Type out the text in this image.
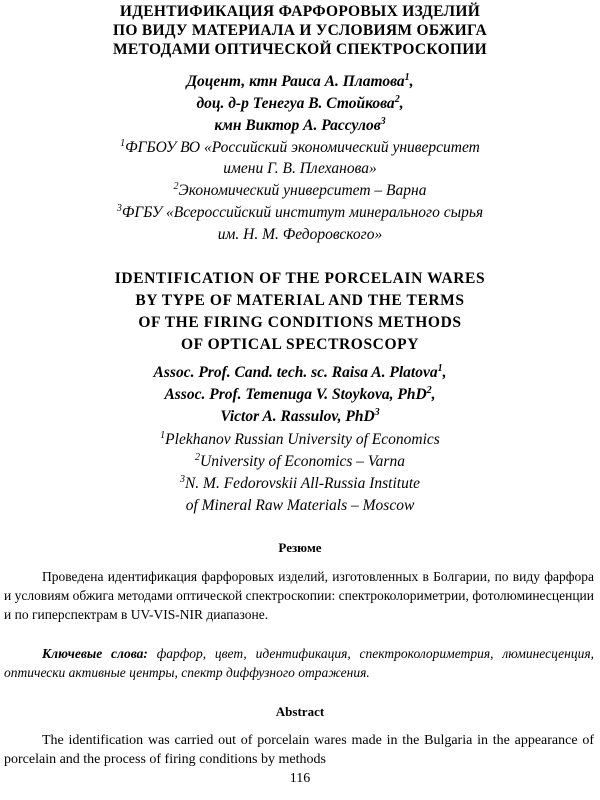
ИДЕНТИФИКАЦИЯ ФАРФОРОВЫХ ИЗДЕЛИЙ
ПО ВИДУ МАТЕРИАЛА И УСЛОВИЯМ ОБЖИГА
МЕТОДАМИ ОПТИЧЕСКОЙ СПЕКТРОСКОПИИ
Доцент, ктн Раиса А. Платова$^1$,
доц. д-р Тенегуа В. Стойкова$^2$,
кмн Виктор А. Рассулов$^3$
$^1$ФГБОУ ВО «Российский экономический университет
имени Г. В. Плеханова»
$^2$Экономический университет – Варна
$^3$ФГБУ «Всероссийский институт минерального сырья
им. Н. М. Федоровского»
IDENTIFICATION OF THE PORCELAIN WARES
BY TYPE OF MATERIAL AND THE TERMS
OF THE FIRING CONDITIONS METHODS
OF OPTICAL SPECTROSCOPY
Assoc. Prof. Cand. tech. sc. Raisa A. Platova$^1$,
Assoc. Prof. Temenuga V. Stoykova, PhD$^2$,
Victor A. Rassulov, PhD$^3$
$^1$Plekhanov Russian University of Economics
$^2$University of Economics – Varna
$^3$N. M. Fedorovskii All-Russia Institute
of Mineral Raw Materials – Moscow
Резюме
Проведена идентификация фарфоровых изделий, изготовленных в Болгарии, по виду фарфора и условиям обжига методами оптической спектроскопии: спектроколориметрии, фотолюминесценции и по гиперспектрам в UV-VIS-NIR диапазоне.
Ключевые слова: фарфор, цвет, идентификация, спектроколориметрия, люминесценция, оптически активные центры, спектр диффузного отражения.
Abstract
The identification was carried out of porcelain wares made in the Bulgaria in the appearance of porcelain and the process of firing conditions by methods
116
